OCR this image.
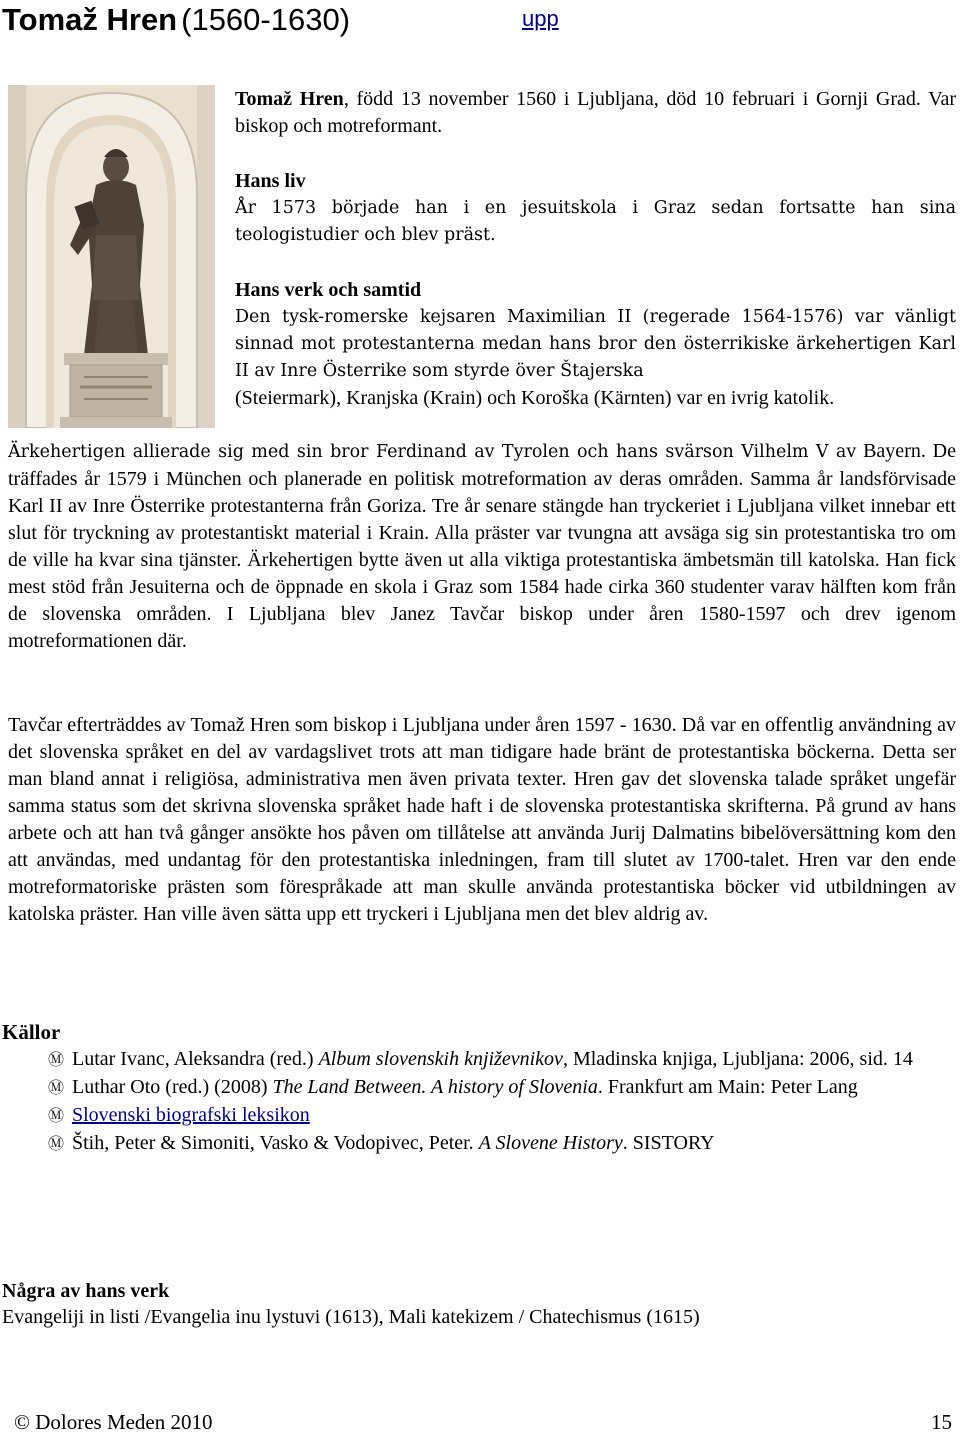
Tomaž Hren (1560-1630)	upp

Tomaž Hren, född 13 november 1560 i Ljubljana, död 10 februari i Gornji Grad. Var biskop och motreformant.

Hans liv

År 1573 började han i en jesuitskola i Graz sedan fortsatte han sina teologistudier och blev präst.

Hans verk och samtid

Den tysk-romerske kejsaren Maximilian II (regerade 1564-1576) var vänligt sinnad mot protestanterna medan hans bror den österrikiske ärkehertigen Karl II av Inre Österrike som styrde över Štajerska

(Steiermark), Kranjska (Krain) och Koroška (Kärnten) var en ivrig katolik.

Ärkehertigen allierade sig med sin bror Ferdinand av Tyrolen och hans svärson Vilhelm V av Bayern. De träffades år 1579 i München och planerade en politisk motreformation av deras områden. Samma år landsförvisade Karl II av Inre Österrike protestanterna från Goriza. Tre år senare stängde han tryckeriet i Ljubljana vilket innebar ett slut för tryckning av protestantiskt material i Krain. Alla präster var tvungna att avsäga sig sin protestantiska tro om de ville ha kvar sina tjänster. Ärkehertigen bytte även ut alla viktiga protestantiska ämbetsmän till katolska. Han fick mest stöd från Jesuiterna och de öppnade en skola i Graz som 1584 hade cirka 360 studenter varav hälften kom från de slovenska områden. I Ljubljana blev Janez Tavčar biskop under åren 1580-1597 och drev igenom motreformationen där.

Tavčar efterträddes av Tomaž Hren som biskop i Ljubljana under åren 1597 - 1630. Då var en offentlig användning av det slovenska språket en del av vardagslivet trots att man tidigare hade bränt de protestantiska böckerna. Detta ser man bland annat i religiösa, administrativa men även privata texter. Hren gav det slovenska talade språket ungefär samma status som det skrivna slovenska språket hade haft i de slovenska protestantiska skrifterna. På grund av hans arbete och att han två gånger ansökte hos påven om tillåtelse att använda Jurij Dalmatins bibelöversättning kom den att användas, med undantag för den protestantiska inledningen, fram till slutet av 1700-talet. Hren var den ende motreformatoriske prästen som förespråkade att man skulle använda protestantiska böcker vid utbildningen av katolska präster. Han ville även sätta upp ett tryckeri i Ljubljana men det blev aldrig av.

Källor
Ⓜ Lutar Ivanc, Aleksandra (red.) Album slovenskih književnikov, Mladinska knjiga, Ljubljana: 2006, sid. 14
Ⓜ Luthar Oto (red.) (2008) The Land Between. A history of Slovenia. Frankfurt am Main: Peter Lang
Ⓜ Slovenski biografski leksikon
Ⓜ Štih, Peter & Simoniti, Vasko & Vodopivec, Peter. A Slovene History. SISTORY
Några av hans verk
Evangeliji in listi /Evangelia inu lystuvi (1613), Mali katekizem / Chatechismus (1615)
© Dolores Meden 2010	15
